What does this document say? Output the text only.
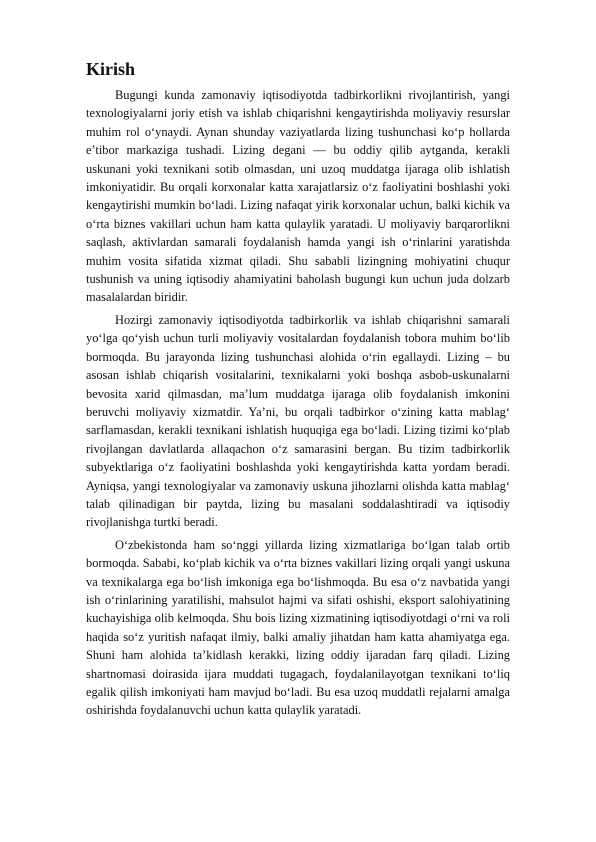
Kirish

Bugungi kunda zamonaviy iqtisodiyotda tadbirkorlikni rivojlantirish, yangi texnologiyalarni joriy etish va ishlab chiqarishni kengaytirishda moliyaviy resurslar muhim rol o‘ynaydi. Aynan shunday vaziyatlarda lizing tushunchasi ko‘p hollarda e’tibor markaziga tushadi. Lizing degani — bu oddiy qilib aytganda, kerakli uskunani yoki texnikani sotib olmasdan, uni uzoq muddatga ijaraga olib ishlatish imkoniyatidir. Bu orqali korxonalar katta xarajatlarsiz o‘z faoliyatini boshlashi yoki kengaytirishi mumkin bo‘ladi. Lizing nafaqat yirik korxonalar uchun, balki kichik va o‘rta biznes vakillari uchun ham katta qulaylik yaratadi. U moliyaviy barqarorlikni saqlash, aktivlardan samarali foydalanish hamda yangi ish o‘rinlarini yaratishda muhim vosita sifatida xizmat qiladi. Shu sababli lizingning mohiyatini chuqur tushunish va uning iqtisodiy ahamiyatini baholash bugungi kun uchun juda dolzarb masalalardan biridir.

Hozirgi zamonaviy iqtisodiyotda tadbirkorlik va ishlab chiqarishni samarali yo‘lga qo‘yish uchun turli moliyaviy vositalardan foydalanish tobora muhim bo‘lib bormoqda. Bu jarayonda lizing tushunchasi alohida o‘rin egallaydi. Lizing – bu asosan ishlab chiqarish vositalarini, texnikalarni yoki boshqa asbob-uskunalarni bevosita xarid qilmasdan, ma’lum muddatga ijaraga olib foydalanish imkonini beruvchi moliyaviy xizmatdir. Ya’ni, bu orqali tadbirkor o‘zining katta mablag‘ sarflamasdan, kerakli texnikani ishlatish huquqiga ega bo‘ladi. Lizing tizimi ko‘plab rivojlangan davlatlarda allaqachon o‘z samarasini bergan. Bu tizim tadbirkorlik subyektlariga o‘z faoliyatini boshlashda yoki kengaytirishda katta yordam beradi. Ayniqsa, yangi texnologiyalar va zamonaviy uskuna jihozlarni olishda katta mablag‘ talab qilinadigan bir paytda, lizing bu masalani soddalashtiradi va iqtisodiy rivojlanishga turtki beradi.

O‘zbekistonda ham so‘nggi yillarda lizing xizmatlariga bo‘lgan talab ortib bormoqda. Sababi, ko‘plab kichik va o‘rta biznes vakillari lizing orqali yangi uskuna va texnikalarga ega bo‘lish imkoniga ega bo‘lishmoqda. Bu esa o‘z navbatida yangi ish o‘rinlarining yaratilishi, mahsulot hajmi va sifati oshishi, eksport salohiyatining kuchayishiga olib kelmoqda. Shu bois lizing xizmatining iqtisodiyotdagi o‘rni va roli haqida so‘z yuritish nafaqat ilmiy, balki amaliy jihatdan ham katta ahamiyatga ega. Shuni ham alohida ta’kidlash kerakki, lizing oddiy ijaradan farq qiladi. Lizing shartnomasi doirasida ijara muddati tugagach, foydalanilayotgan texnikani to‘liq egalik qilish imkoniyati ham mavjud bo‘ladi. Bu esa uzoq muddatli rejalarni amalga oshirishda foydalanuvchi uchun katta qulaylik yaratadi.
